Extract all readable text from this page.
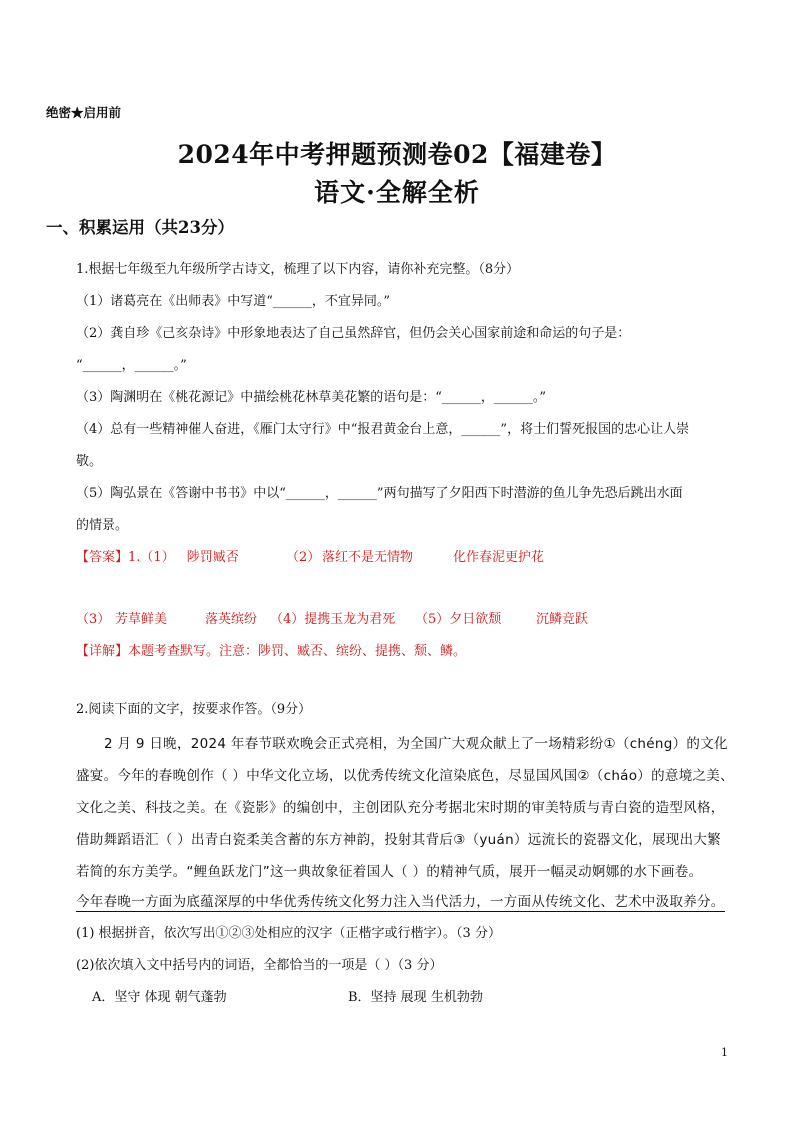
绝密★启用前
2024年中考押题预测卷02【福建卷】
语文·全解全析
一、积累运用（共23分）
1.根据七年级至九年级所学古诗文，梳理了以下内容，请你补充完整。（8分）
（1）诸葛亮在《出师表》中写道“______，不宜异同。”
（2）龚自珍《己亥杂诗》中形象地表达了自己虽然辞官，但仍会关心国家前途和命运的句子是：
“______，______。”
（3）陶渊明在《桃花源记》中描绘桃花林草美花繁的语句是：“______，______。”
（4）总有一些精神催人奋进，《雁门太守行》中“报君黄金台上意，______”，将士们誓死报国的忠心让人崇
敬。
（5）陶弘景在《答谢中书书》中以“______，______”两句描写了夕阳西下时潜游的鱼儿争先恐后跳出水面
的情景。
【答案】1.（1） 陟罚臧否	（2） 落红不是无情物	化作春泥更护花
（3） 芳草鲜美	落英缤纷 （4）提携玉龙为君死 （5）夕日欲颓	沉鳞竞跃
【详解】本题考查默写。注意：陟罚、臧否、缤纷、提携、颓、鳞。
2.阅读下面的文字，按要求作答。（9分）
2 月 9 日晚，2024 年春节联欢晚会正式亮相，为全国广大观众献上了一场精彩纷①（chéng）的文化
盛宴。今年的春晚创作（ ）中华文化立场，以优秀传统文化渲染底色，尽显国风国②（cháo）的意境之美、
文化之美、科技之美。在《瓷影》的编创中，主创团队充分考据北宋时期的审美特质与青白瓷的造型风格，
借助舞蹈语汇（ ）出青白瓷柔美含蓄的东方神韵，投射其背后③（yuán）远流长的瓷器文化，展现出大繁
若简的东方美学。“鲤鱼跃龙门”这一典故象征着国人（ ）的精神气质，展开一幅灵动婀娜的水下画卷。
今年春晚一方面为底蕴深厚的中华优秀传统文化努力注入当代活力，一方面从传统文化、艺术中汲取养分。
(1) 根据拼音，依次写出①②③处相应的汉字（正楷字或行楷字）。（3 分）
(2)依次填入文中括号内的词语，全都恰当的一项是（ ）（3 分）
A．坚守 体现 朝气蓬勃	B．坚持 展现 生机勃勃
1
